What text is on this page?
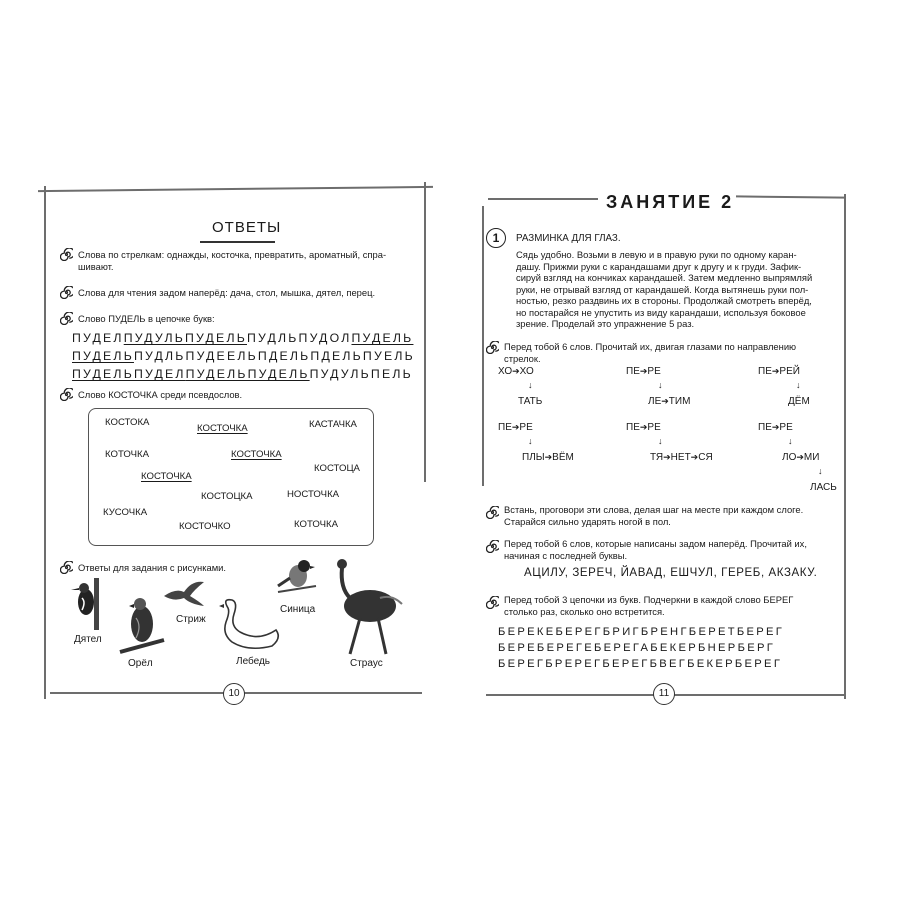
ОТВЕТЫ
Слова по стрелкам: однажды, косточка, превратить, ароматный, спра-
шивают.
Слова для чтения задом наперёд: дача, стол, мышка, дятел, перец.
Слово ПУДЕЛЬ в цепочке букв:
ПУДЕЛПУДУЛЬПУДЕЛЬПУДЛЬПУДОЛПУДЕЛЬ
ПУДЕЛЬПУДЛЬПУДЕЕЛЬПДЕЛЬПДЕЛЬПУЕЛЬ
ПУДЕЛЬПУДЕЛПУДЕЛЬПУДЕЛЬПУДУЛЬПЕЛЬ
Слово КОСТОЧКА среди псевдослов.
КОСТОКА
КОСТОЧКА	КАСТАЧКА
КОТОЧКА
КОСТОЧКА
КОСТОЧКА
КОСТОЦА
КОСТОЦКА	НОСТОЧКА
КУСОЧКА
КОСТОЧКО	КОТОЧКА
Ответы для задания с рисунками.
Дятел
Орёл
Стриж
Лебедь
Синица
Страус
10
ЗАНЯТИЕ 2
1	РАЗМИНКА ДЛЯ ГЛАЗ.
Сядь удобно. Возьми в левую и в правую руки по одному каран-
дашу. Прижми руки с карандашами друг к другу и к груди. Зафик-
сируй взгляд на кончиках карандашей. Затем медленно выпрямляй
руки, не отрывай взгляд от карандашей. Когда вытянешь руки пол-
ностью, резко раздвинь их в стороны. Продолжай смотреть вперёд,
но постарайся не упустить из виду карандаши, используя боковое
зрение. Проделай это упражнение 5 раз.
Перед тобой 6 слов. Прочитай их, двигая глазами по направлению
стрелок.
ХО➔ХО
↓
ТАТЬ
ПЕ➔РЕ
↓
ЛЕ➔ТИМ
ПЕ➔РЕЙ
↓
ДЁМ
ПЕ➔РЕ
↓
ПЛЫ➔ВЁМ
ПЕ➔РЕ
↓
ТЯ➔НЕТ➔СЯ
ПЕ➔РЕ
↓
ЛО➔МИ
↓
ЛАСЬ
Встань, проговори эти слова, делая шаг на месте при каждом слоге.
Старайся сильно ударять ногой в пол.
Перед тобой 6 слов, которые написаны задом наперёд. Прочитай их,
начиная с последней буквы.
АЦИЛУ, ЗЕРЕЧ, ЙАВАД, ЕШЧУЛ, ГЕРЕБ, АКЗАКУ.
Перед тобой 3 цепочки из букв. Подчеркни в каждой слово БЕРЕГ
столько раз, сколько оно встретится.
БЕРЕКЕБЕРЕГБРИГБРЕНГБЕРЕТБЕРЕГ
БЕРЕБЕРЕГЕБЕРЕГАБЕКЕРБНЕРБЕРГ
БЕРЕГБРЕРЕГБЕРЕГБВЕГБЕКЕРБЕРЕГ
11
